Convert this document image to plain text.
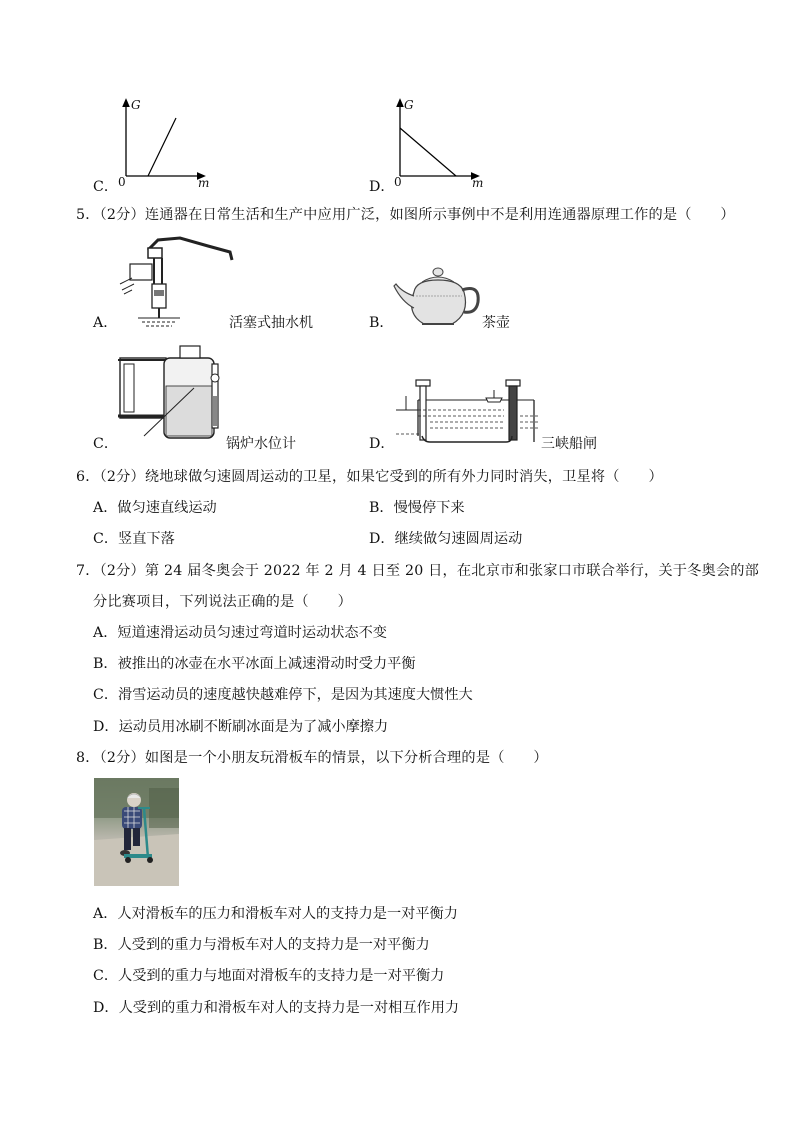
C．
G
0	m	D．
G
0	m
5．（2分）连通器在日常生活和生产中应用广泛，如图所示事例中不是利用连通器原理工作的是（　　）
A．	活塞式抽水机	B．	茶壶
C．	锅炉水位计	D．	三峡船闸
6．（2分）绕地球做匀速圆周运动的卫星，如果它受到的所有外力同时消失，卫星将（　　）
A．做匀速直线运动	B．慢慢停下来
C．竖直下落	D．继续做匀速圆周运动
7．（2分）第 24 届冬奥会于 2022 年 2 月 4 日至 20 日，在北京市和张家口市联合举行，关于冬奥会的部
分比赛项目，下列说法正确的是（　　）
A．短道速滑运动员匀速过弯道时运动状态不变
B．被推出的冰壶在水平冰面上减速滑动时受力平衡
C．滑雪运动员的速度越快越难停下，是因为其速度大惯性大
D．运动员用冰刷不断刷冰面是为了减小摩擦力
8．（2分）如图是一个小朋友玩滑板车的情景，以下分析合理的是（　　）
A．人对滑板车的压力和滑板车对人的支持力是一对平衡力
B．人受到的重力与滑板车对人的支持力是一对平衡力
C．人受到的重力与地面对滑板车的支持力是一对平衡力
D．人受到的重力和滑板车对人的支持力是一对相互作用力
